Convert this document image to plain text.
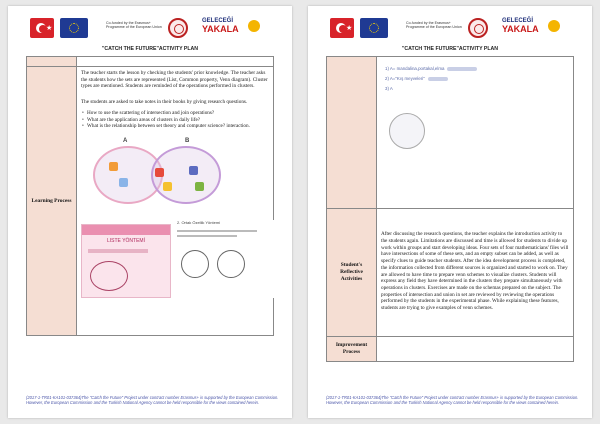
★
Co-funded by the Erasmus+ Programme of the European Union
GELECEĞİ
YAKALA
"CATCH THE FUTURE"ACTIVITY PLAN
Learning Process

The teacher starts the lesson by checking the students' prior knowledge. The teacher asks the students how the sets are represented (List, Common property, Venn diagram). Cluster types are mentioned. Students are reminded of the operations performed in clusters.

The students are asked to take notes in their books by giving research questions.

• How to use the scattering of intersection and join operations?
• What are the application areas of clusters in daily life?
• What is the relationship between set theory and computer science? interaction.
A	B
LISTE YÖNTEMİ
2. Ortak Özellik Yöntemi
(2017-1-TR01-KA101-037364)The "Catch the Future" Project under contract number Erasmus+ is supported by the European Commission. However, the European Commission and the Turkish National Agency cannot be held responsible for the views contained herein.
★
Co-funded by the Erasmus+ Programme of the European Union
GELECEĞİ
YAKALA
"CATCH THE FUTURE"ACTIVITY PLAN
1) A= mandalina,portakal,elma
2) A="Kış meyveleri"
3) A
Student's Reflective Activities

After discussing the research questions, the teacher explains the introduction activity to the students again. Limitations are discussed and time is allowed for students to divide up work within groups and start developing ideas. Four sets of four mathematicians' files will have intersections of some of these sets, and an empty subset can be added, as well as specify clues to guide teacher students. After the idea development process is completed, the information collected from different sources is organized and started to work on. They are allowed to have time to prepare venn schemes to visualize clusters. Students will express any field they have determined in the clusters they prepare simultaneously with operations in clusters. Exercises are made on the schemas prepared on the subject. The properties of intersection and union in set are reviewed by reviewing the operations performed by the students in the experimental phase. While explaining these features, students are trying to give examples of venn schemes.

Improvement Process
(2017-1-TR01-KA101-037364)The "Catch the Future" Project under contract number Erasmus+ is supported by the European Commission. However, the European Commission and the Turkish National Agency cannot be held responsible for the views contained herein.
